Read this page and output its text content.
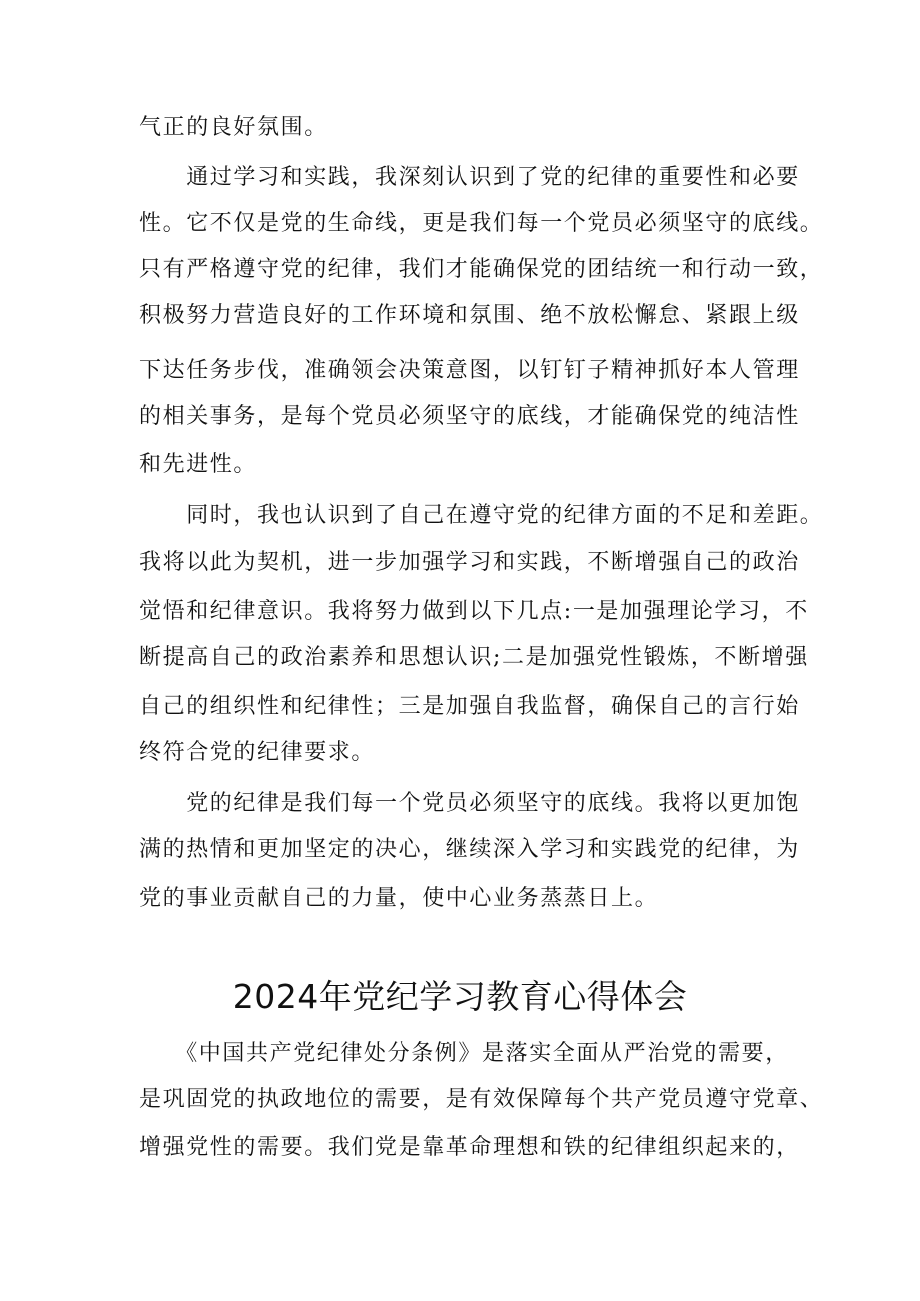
气正的良好氛围。
　　通过学习和实践，我深刻认识到了党的纪律的重要性和必要
性。它不仅是党的生命线，更是我们每一个党员必须坚守的底线。
只有严格遵守党的纪律，我们才能确保党的团结统一和行动一致，
积极努力营造良好的工作环境和氛围、绝不放松懈怠、紧跟上级
下达任务步伐，准确领会决策意图，以钉钉子精神抓好本人管理
的相关事务，是每个党员必须坚守的底线，才能确保党的纯洁性
和先进性。
　　同时，我也认识到了自己在遵守党的纪律方面的不足和差距。
我将以此为契机，进一步加强学习和实践，不断增强自己的政治
觉悟和纪律意识。我将努力做到以下几点:一是加强理论学习，不
断提高自己的政治素养和思想认识;二是加强党性锻炼，不断增强
自己的组织性和纪律性；三是加强自我监督，确保自己的言行始
终符合党的纪律要求。
　　党的纪律是我们每一个党员必须坚守的底线。我将以更加饱
满的热情和更加坚定的决心，继续深入学习和实践党的纪律，为
党的事业贡献自己的力量，使中心业务蒸蒸日上。
2024年党纪学习教育心得体会
　　《中国共产党纪律处分条例》是落实全面从严治党的需要，
是巩固党的执政地位的需要，是有效保障每个共产党员遵守党章、
增强党性的需要。我们党是靠革命理想和铁的纪律组织起来的，
